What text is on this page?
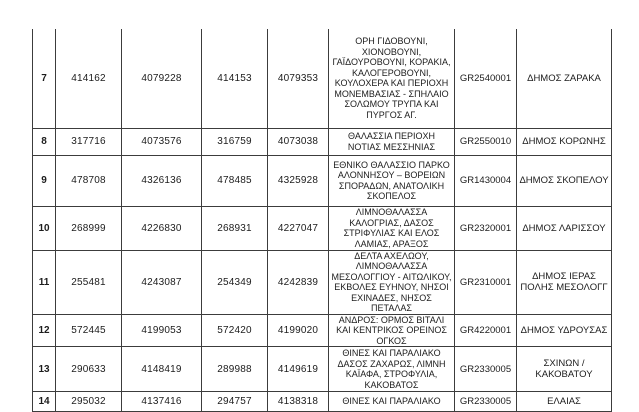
7	414162	4079228	414153	4079353	ΟΡΗ ΓΙΔΟΒΟΥΝΙ, ΧΙΟΝΟΒΟΥΝΙ, ΓΑΪΔΟΥΡΟΒΟΥΝΙ, ΚΟΡΑΚΙΑ, ΚΑΛΟΓΕΡΟΒΟΥΝΙ, ΚΟΥΛΟΧΕΡΑ ΚΑΙ ΠΕΡΙΟΧΗ ΜΟΝΕΜΒΑΣΙΑΣ - ΣΠΗΛΑΙΟ ΣΟΛΩΜΟΥ ΤΡΥΠΑ ΚΑΙ ΠΥΡΓΟΣ ΑΓ.	GR2540001	ΔΗΜΟΣ ΖΑΡΑΚΑ
8	317716	4073576	316759	4073038	ΘΑΛΑΣΣΙΑ ΠΕΡΙΟΧΗ ΝΟΤΙΑΣ ΜΕΣΣΗΝΙΑΣ	GR2550010	ΔΗΜΟΣ ΚΟΡΩΝΗΣ
9	478708	4326136	478485	4325928	ΕΘΝΙΚΟ ΘΑΛΑΣΣΙΟ ΠΑΡΚΟ ΑΛΟΝΝΗΣΟΥ – ΒΟΡΕΙΩΝ ΣΠΟΡΑΔΩΝ, ΑΝΑΤΟΛΙΚΗ ΣΚΟΠΕΛΟΣ	GR1430004	ΔΗΜΟΣ ΣΚΟΠΕΛΟΥ
10	268999	4226830	268931	4227047	ΛΙΜΝΟΘΑΛΑΣΣΑ ΚΑΛΟΓΡΙΑΣ, ΔΑΣΟΣ ΣΤΡΙΦΥΛΙΑΣ ΚΑΙ ΕΛΟΣ ΛΑΜΙΑΣ, ΑΡΑΞΟΣ	GR2320001	ΔΗΜΟΣ ΛΑΡΙΣΣΟΥ
11	255481	4243087	254349	4242839	ΔΕΛΤΑ ΑΧΕΛΩΟΥ, ΛΙΜΝΟΘΑΛΑΣΣΑ ΜΕΣΟΛΟΓΓΙΟΥ - ΑΙΤΩΛΙΚΟΥ, ΕΚΒΟΛΕΣ ΕΥΗΝΟΥ, ΝΗΣΟΙ ΕΧΙΝΑΔΕΣ, ΝΗΣΟΣ ΠΕΤΑΛΑΣ	GR2310001	ΔΗΜΟΣ ΙΕΡΑΣ ΠΟΛΗΣ ΜΕΣΟΛΟΓΓ
12	572445	4199053	572420	4199020	ΑΝΔΡΟΣ: ΟΡΜΟΣ ΒΙΤΑΛΙ ΚΑΙ ΚΕΝΤΡΙΚΟΣ ΟΡΕΙΝΟΣ ΟΓΚΟΣ	GR4220001	ΔΗΜΟΣ ΥΔΡΟΥΣΑΣ
13	290633	4148419	289988	4149619	ΘΙΝΕΣ ΚΑΙ ΠΑΡΑΛΙΑΚΟ ΔΑΣΟΣ ΖΑΧΑΡΩΣ, ΛΙΜΝΗ ΚΑΪΑΦΑ, ΣΤΡΟΦΥΛΙΑ, ΚΑΚΟΒΑΤΟΣ	GR2330005	ΣΧΙΝΩΝ / ΚΑΚΟΒΑΤΟΥ
14	295032	4137416	294757	4138318	ΘΙΝΕΣ ΚΑΙ ΠΑΡΑΛΙΑΚΟ	GR2330005	ΕΛΑΙΑΣ
